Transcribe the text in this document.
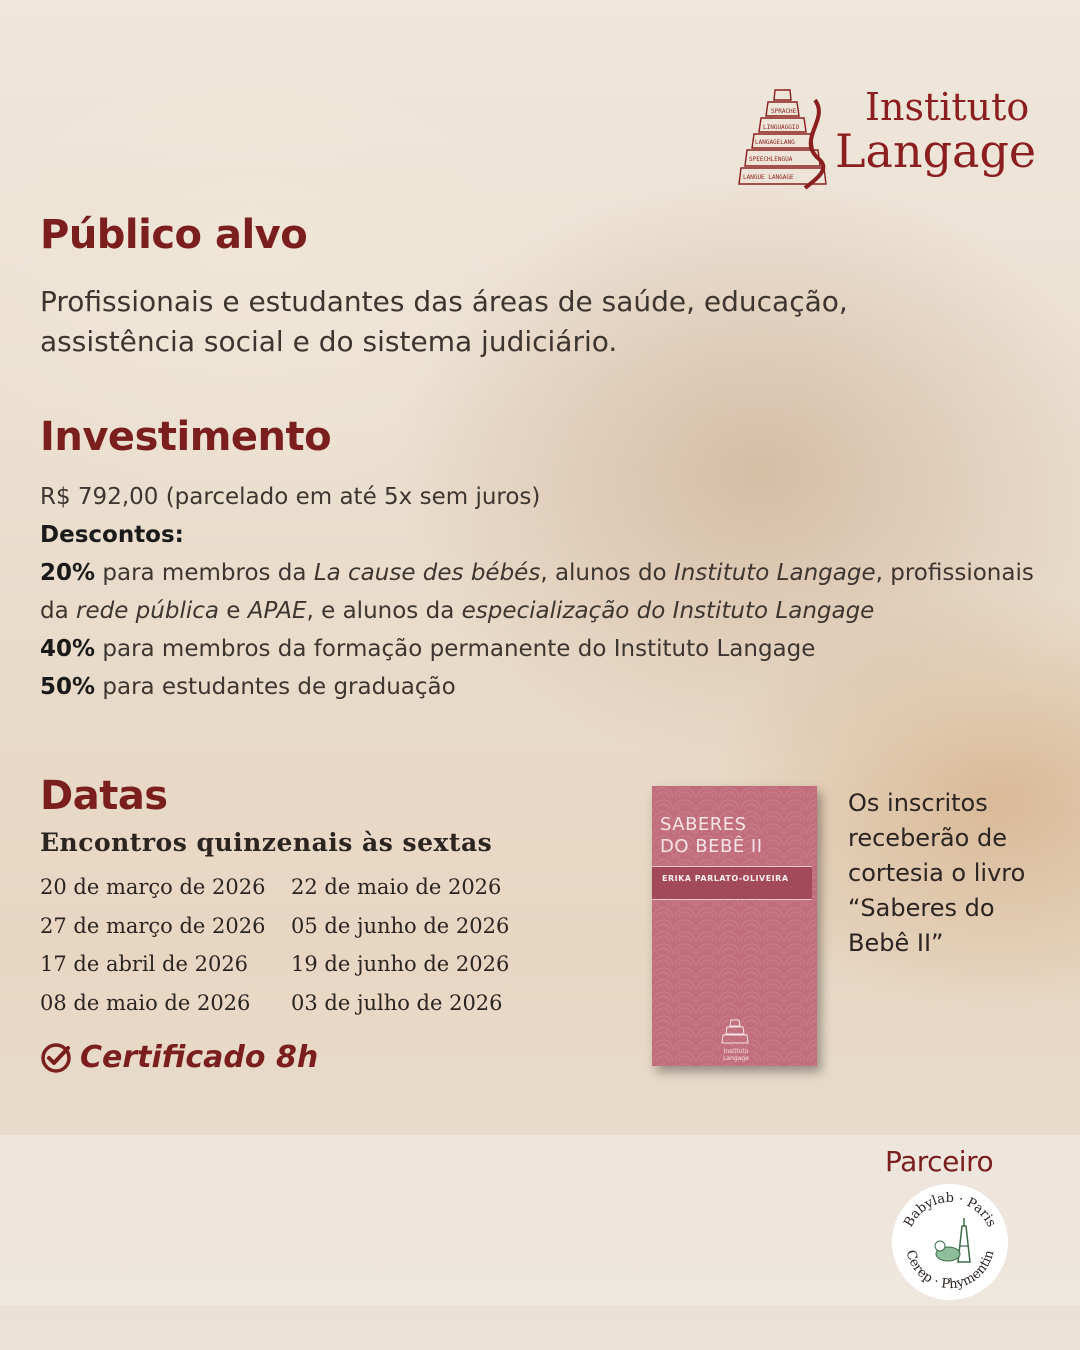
SPRACHE
LINGUAGGIO
LANGAGELANG
SPEECHLENGUA
LANGUE LANGAGE
Instituto
Langage
Público alvo
Profissionais e estudantes das áreas de saúde, educação, assistência social e do sistema judiciário.
Investimento
R$ 792,00 (parcelado em até 5x sem juros)
Descontos:
20% para membros da La cause des bébés, alunos do Instituto Langage, profissionais da rede pública e APAE, e alunos da especialização do Instituto Langage
40% para membros da formação permanente do Instituto Langage
50% para estudantes de graduação
Datas
Encontros quinzenais às sextas
20 de março de 2026
27 de março de 2026
17 de abril de 2026
08 de maio de 2026
22 de maio de 2026
05 de junho de 2026
19 de junho de 2026
03 de julho de 2026
Certificado 8h
SABERES
DO BEBÊ II
ERIKA PARLATO-OLIVEIRA
Instituto Langage
Os inscritos receberão de cortesia o livro “Saberes do Bebê II”
Parceiro
Babylab · Paris
Cerep · Phymentin
